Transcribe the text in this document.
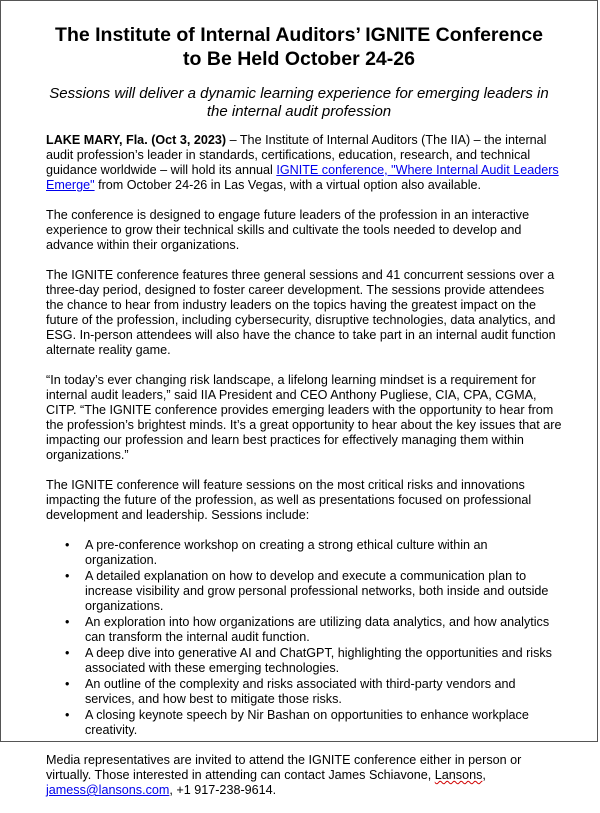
The Institute of Internal Auditors’ IGNITE Conference
to Be Held October 24-26
Sessions will deliver a dynamic learning experience for emerging leaders in
the internal audit profession

LAKE MARY, Fla. (Oct 3, 2023) – The Institute of Internal Auditors (The IIA) – the internal audit profession’s leader in standards, certifications, education, research, and technical guidance worldwide – will hold its annual IGNITE conference, "Where Internal Audit Leaders Emerge" from October 24-26 in Las Vegas, with a virtual option also available.

The conference is designed to engage future leaders of the profession in an interactive experience to grow their technical skills and cultivate the tools needed to develop and advance within their organizations.

The IGNITE conference features three general sessions and 41 concurrent sessions over a three-day period, designed to foster career development. The sessions provide attendees the chance to hear from industry leaders on the topics having the greatest impact on the future of the profession, including cybersecurity, disruptive technologies, data analytics, and ESG. In-person attendees will also have the chance to take part in an internal audit function alternate reality game.

“In today’s ever changing risk landscape, a lifelong learning mindset is a requirement for internal audit leaders,” said IIA President and CEO Anthony Pugliese, CIA, CPA, CGMA, CITP. “The IGNITE conference provides emerging leaders with the opportunity to hear from the profession’s brightest minds. It’s a great opportunity to hear about the key issues that are impacting our profession and learn best practices for effectively managing them within organizations.”

The IGNITE conference will feature sessions on the most critical risks and innovations impacting the future of the profession, as well as presentations focused on professional development and leadership. Sessions include:

• A pre-conference workshop on creating a strong ethical culture within an organization.
• A detailed explanation on how to develop and execute a communication plan to increase visibility and grow personal professional networks, both inside and outside organizations.
• An exploration into how organizations are utilizing data analytics, and how analytics can transform the internal audit function.
• A deep dive into generative AI and ChatGPT, highlighting the opportunities and risks associated with these emerging technologies.
• An outline of the complexity and risks associated with third-party vendors and services, and how best to mitigate those risks.
• A closing keynote speech by Nir Bashan on opportunities to enhance workplace creativity.

Media representatives are invited to attend the IGNITE conference either in person or virtually. Those interested in attending can contact James Schiavone, Lansons, jamess@lansons.com, +1 917-238-9614.
